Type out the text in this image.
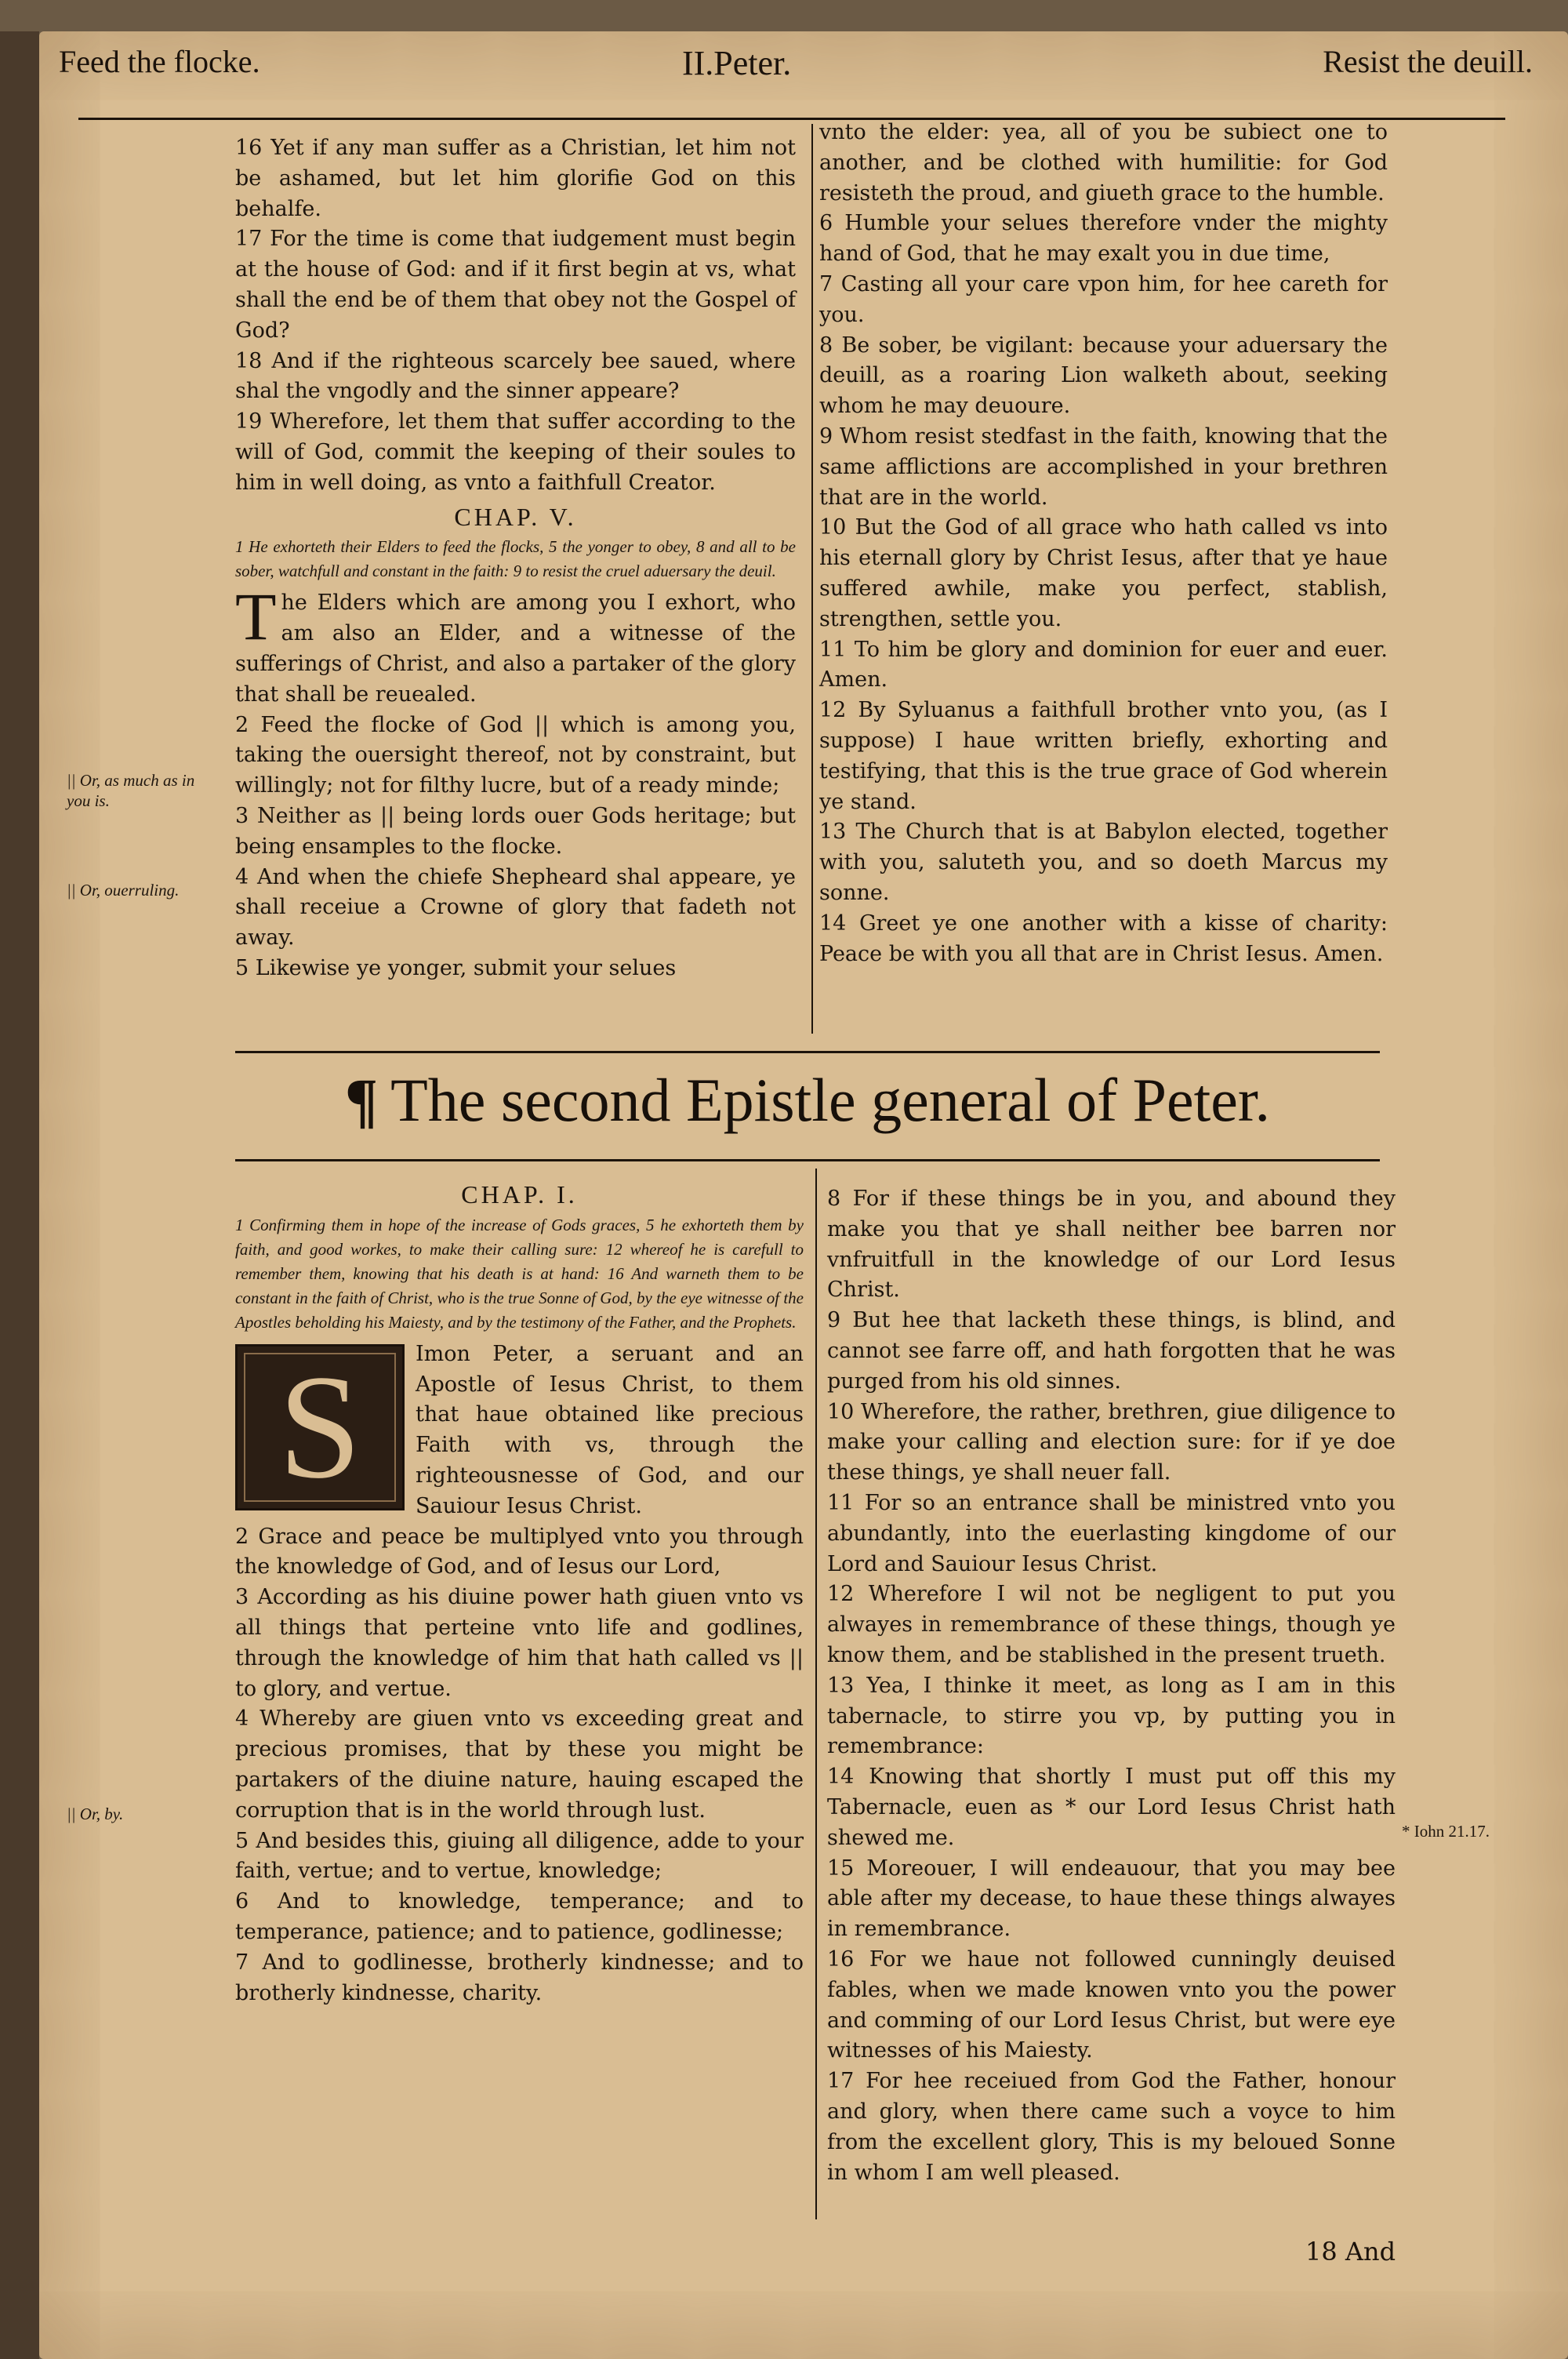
Feed the flocke.	II.Peter.	Resist the deuill.

16 Yet if any man suffer as a Christian, let him not be ashamed, but let him glorifie God on this behalfe.

17 For the time is come that iudgement must begin at the house of God: and if it first begin at vs, what shall the end be of them that obey not the Gospel of God?

18 And if the righteous scarcely bee saued, where shal the vngodly and the sinner appeare?

19 Wherefore, let them that suffer according to the will of God, commit the keeping of their soules to him in well doing, as vnto a faithfull Creator.

CHAP. V.

1 He exhorteth their Elders to feed the flocks, 5 the yonger to obey, 8 and all to be sober, watchfull and constant in the faith: 9 to resist the cruel aduersary the deuil.

The Elders which are among you I exhort, who am also an Elder, and a witnesse of the sufferings of Christ, and also a partaker of the glory that shall be reuealed.

2 Feed the flocke of God || which is among you, taking the ouersight thereof, not by constraint, but willingly; not for filthy lucre, but of a ready minde;

3 Neither as || being lords ouer Gods heritage; but being ensamples to the flocke.

4 And when the chiefe Shepheard shal appeare, ye shall receiue a Crowne of glory that fadeth not away.

5 Likewise ye yonger, submit your selues

vnto the elder: yea, all of you be subiect one to another, and be clothed with humilitie: for God resisteth the proud, and giueth grace to the humble.

6 Humble your selues therefore vnder the mighty hand of God, that he may exalt you in due time,

7 Casting all your care vpon him, for hee careth for you.

8 Be sober, be vigilant: because your aduersary the deuill, as a roaring Lion walketh about, seeking whom he may deuoure.

9 Whom resist stedfast in the faith, knowing that the same afflictions are accomplished in your brethren that are in the world.

10 But the God of all grace who hath called vs into his eternall glory by Christ Iesus, after that ye haue suffered awhile, make you perfect, stablish, strengthen, settle you.

11 To him be glory and dominion for euer and euer. Amen.

12 By Syluanus a faithfull brother vnto you, (as I suppose) I haue written briefly, exhorting and testifying, that this is the true grace of God wherein ye stand.

13 The Church that is at Babylon elected, together with you, saluteth you, and so doeth Marcus my sonne.

14 Greet ye one another with a kisse of charity: Peace be with you all that are in Christ Iesus. Amen.

|| Or, as much as in you is.
|| Or, ouerruling.
|| Or, by.
* Iohn 21.17.
¶ The second Epistle general of Peter.

CHAP. I.

1 Confirming them in hope of the increase of Gods graces, 5 he exhorteth them by faith, and good workes, to make their calling sure: 12 whereof he is carefull to remember them, knowing that his death is at hand: 16 And warneth them to be constant in the faith of Christ, who is the true Sonne of God, by the eye witnesse of the Apostles beholding his Maiesty, and by the testimony of the Father, and the Prophets.

S	Imon Peter, a seruant and an Apostle of Iesus Christ, to them that haue obtained like precious Faith with vs, through the righteousnesse of God, and our Sauiour Iesus Christ.

2 Grace and peace be multiplyed vnto you through the knowledge of God, and of Iesus our Lord,

3 According as his diuine power hath giuen vnto vs all things that perteine vnto life and godlines, through the knowledge of him that hath called vs || to glory, and vertue.

4 Whereby are giuen vnto vs exceeding great and precious promises, that by these you might be partakers of the diuine nature, hauing escaped the corruption that is in the world through lust.

5 And besides this, giuing all diligence, adde to your faith, vertue; and to vertue, knowledge;

6 And to knowledge, temperance; and to temperance, patience; and to patience, godlinesse;

7 And to godlinesse, brotherly kindnesse; and to brotherly kindnesse, charity.

8 For if these things be in you, and abound they make you that ye shall neither bee barren nor vnfruitfull in the knowledge of our Lord Iesus Christ.

9 But hee that lacketh these things, is blind, and cannot see farre off, and hath forgotten that he was purged from his old sinnes.

10 Wherefore, the rather, brethren, giue diligence to make your calling and election sure: for if ye doe these things, ye shall neuer fall.

11 For so an entrance shall be ministred vnto you abundantly, into the euerlasting kingdome of our Lord and Sauiour Iesus Christ.

12 Wherefore I wil not be negligent to put you alwayes in remembrance of these things, though ye know them, and be stablished in the present trueth.

13 Yea, I thinke it meet, as long as I am in this tabernacle, to stirre you vp, by putting you in remembrance:

14 Knowing that shortly I must put off this my Tabernacle, euen as * our Lord Iesus Christ hath shewed me.

15 Moreouer, I will endeauour, that you may bee able after my decease, to haue these things alwayes in remembrance.

16 For we haue not followed cunningly deuised fables, when we made knowen vnto you the power and comming of our Lord Iesus Christ, but were eye witnesses of his Maiesty.

17 For hee receiued from God the Father, honour and glory, when there came such a voyce to him from the excellent glory, This is my beloued Sonne in whom I am well pleased.

18 And
